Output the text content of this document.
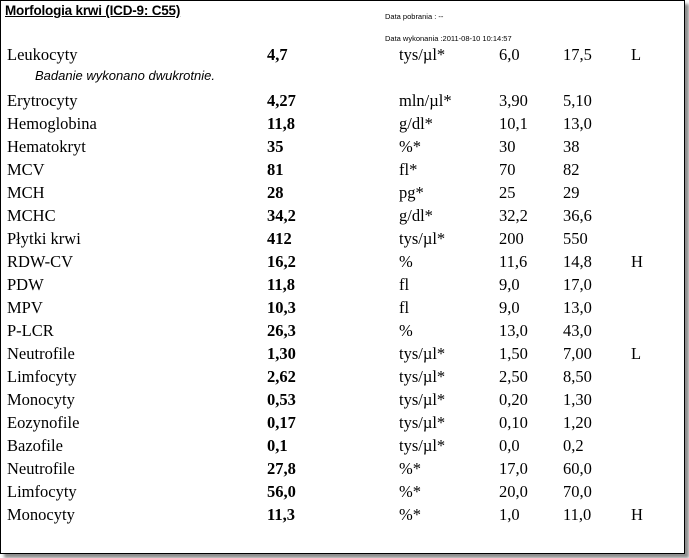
Morfologia krwi (ICD-9: C55)	Data pobrania : --
Data wykonania :2011-08-10 10:14:57
Leukocyty	4,7	tys/µl*	6,0	17,5 L
Erytrocyty	4,27	mln/µl*	3,90 5,10
Hemoglobina	11,8	g/dl*	10,1 13,0
Hematokryt	35	%*	30	38
MCV	81	fl*	70	82
MCH	28	pg*	25	29
MCHC	34,2	g/dl*	32,2 36,6
Płytki krwi	412	tys/µl*	200 550
RDW-CV	16,2	%	11,6 14,8 H
PDW	11,8	fl	9,0	17,0
MPV	10,3	fl	9,0	13,0
P-LCR	26,3	%	13,0 43,0
Neutrofile	1,30	tys/µl*	1,50 7,00 L
Limfocyty	2,62	tys/µl*	2,50 8,50
Monocyty	0,53	tys/µl*	0,20 1,30
Eozynofile	0,17	tys/µl*	0,10 1,20
Bazofile	0,1	tys/µl*	0,0	0,2
Neutrofile	27,8	%*	17,0 60,0
Limfocyty	56,0	%*	20,0 70,0
Monocyty	11,3	%*	1,0	11,0 H
Badanie wykonano dwukrotnie.
